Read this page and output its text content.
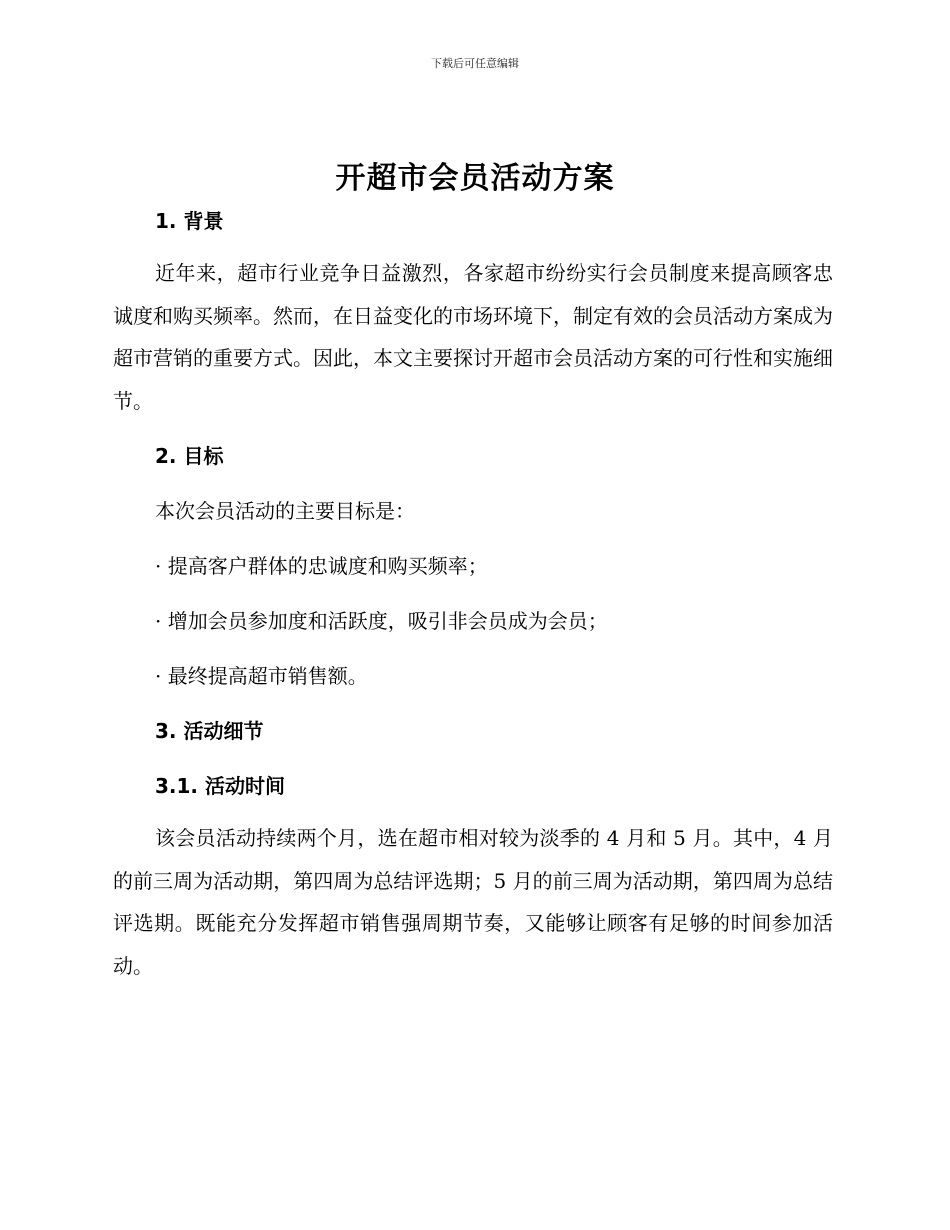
下载后可任意编辑
开超市会员活动方案

1. 背景

近年来，超市行业竞争日益激烈，各家超市纷纷实行会员制度来提高顾客忠诚度和购买频率。然而，在日益变化的市场环境下，制定有效的会员活动方案成为超市营销的重要方式。因此，本文主要探讨开超市会员活动方案的可行性和实施细节。

2. 目标

本次会员活动的主要目标是：

· 提高客户群体的忠诚度和购买频率；

· 增加会员参加度和活跃度，吸引非会员成为会员；

· 最终提高超市销售额。

3. 活动细节

3.1. 活动时间

该会员活动持续两个月，选在超市相对较为淡季的 4 月和 5 月。其中，4 月的前三周为活动期，第四周为总结评选期；5 月的前三周为活动期，第四周为总结评选期。既能充分发挥超市销售强周期节奏，又能够让顾客有足够的时间参加活动。
